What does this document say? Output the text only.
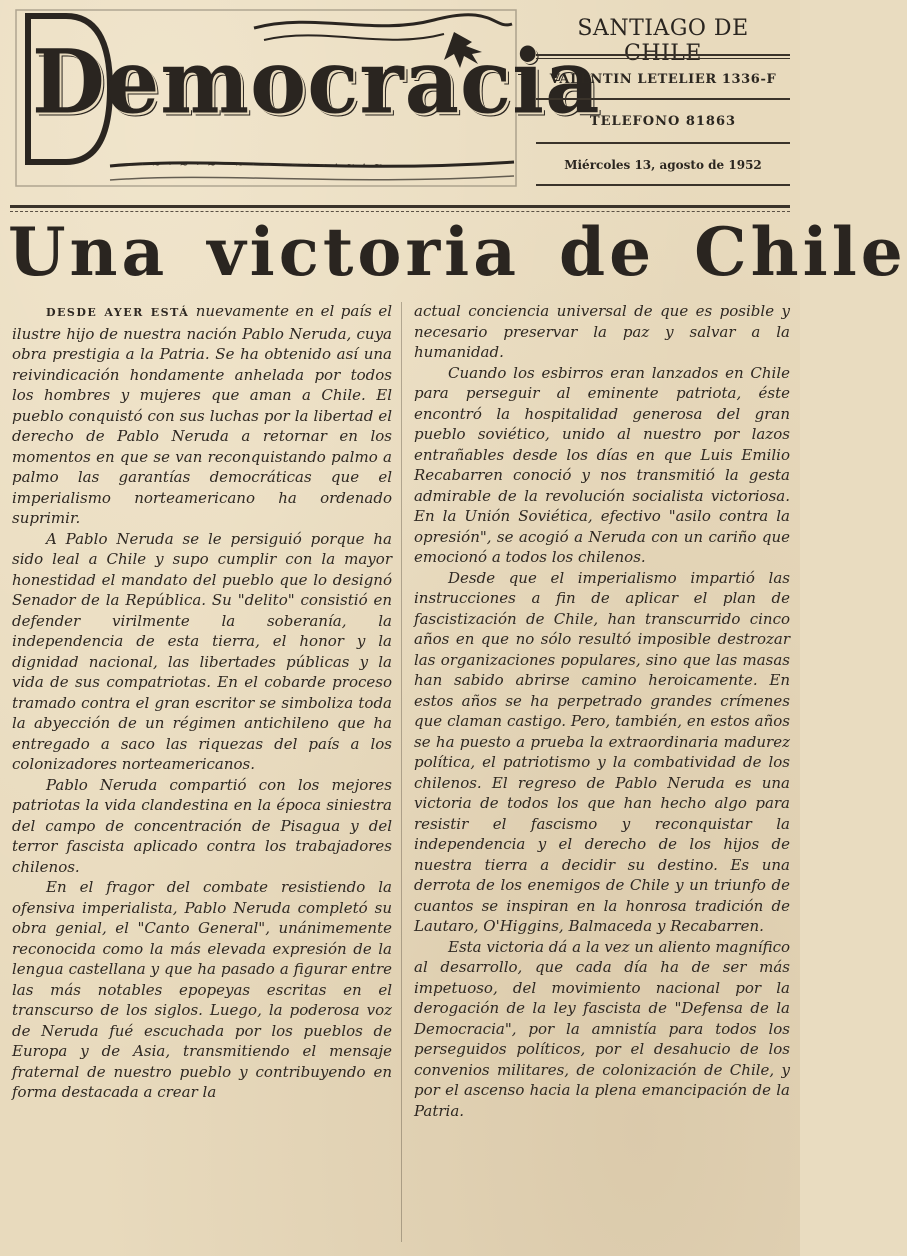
Democracia
~ · ~ · ~ · ~ · ~ · ~ · ~ · ~ · ~ · ~
SANTIAGO DE CHILE
VALENTIN LETELIER 1336-F
TELEFONO 81863
Miércoles 13, agosto de 1952
Una victoria de Chile

DESDE AYER ESTÁ nuevamente en el país el ilustre hijo de nuestra nación Pablo Neruda, cuya obra prestigia a la Patria. Se ha obtenido así una reivindicación hondamente anhelada por todos los hombres y mujeres que aman a Chile. El pueblo conquistó con sus luchas por la libertad el derecho de Pablo Neruda a retornar en los momentos en que se van reconquistando palmo a palmo las garantías democráticas que el imperialismo norteamericano ha ordenado suprimir.

A Pablo Neruda se le persiguió porque ha sido leal a Chile y supo cumplir con la mayor honestidad el mandato del pueblo que lo designó Senador de la República. Su "delito" consistió en defender virilmente la soberanía, la independencia de esta tierra, el honor y la dignidad nacional, las libertades públicas y la vida de sus compatriotas. En el cobarde proceso tramado contra el gran escritor se simboliza toda la abyección de un régimen antichileno que ha entregado a saco las riquezas del país a los colonizadores norteamericanos.

Pablo Neruda compartió con los mejores patriotas la vida clandestina en la época siniestra del campo de concentración de Pisagua y del terror fascista aplicado contra los trabajadores chilenos.

En el fragor del combate resistiendo la ofensiva imperialista, Pablo Neruda completó su obra genial, el "Canto General", unánimemente reconocida como la más elevada expresión de la lengua castellana y que ha pasado a figurar entre las más notables epopeyas escritas en el transcurso de los siglos. Luego, la poderosa voz de Neruda fué escuchada por los pueblos de Europa y de Asia, transmitiendo el mensaje fraternal de nuestro pueblo y contribuyendo en forma destacada a crear la

actual conciencia universal de que es posible y necesario preservar la paz y salvar a la humanidad.

Cuando los esbirros eran lanzados en Chile para perseguir al eminente patriota, éste encontró la hospitalidad generosa del gran pueblo soviético, unido al nuestro por lazos entrañables desde los días en que Luis Emilio Recabarren conoció y nos transmitió la gesta admirable de la revolución socialista victoriosa. En la Unión Soviética, efectivo "asilo contra la opresión", se acogió a Neruda con un cariño que emocionó a todos los chilenos.

Desde que el imperialismo impartió las instrucciones a fin de aplicar el plan de fascistización de Chile, han transcurrido cinco años en que no sólo resultó imposible destrozar las organizaciones populares, sino que las masas han sabido abrirse camino heroicamente. En estos años se ha perpetrado grandes crímenes que claman castigo. Pero, también, en estos años se ha puesto a prueba la extraordinaria madurez política, el patriotismo y la combatividad de los chilenos. El regreso de Pablo Neruda es una victoria de todos los que han hecho algo para resistir el fascismo y reconquistar la independencia y el derecho de los hijos de nuestra tierra a decidir su destino. Es una derrota de los enemigos de Chile y un triunfo de cuantos se inspiran en la honrosa tradición de Lautaro, O'Higgins, Balmaceda y Recabarren.

Esta victoria dá a la vez un aliento magnífico al desarrollo, que cada día ha de ser más impetuoso, del movimiento nacional por la derogación de la ley fascista de "Defensa de la Democracia", por la amnistía para todos los perseguidos políticos, por el desahucio de los convenios militares, de colonización de Chile, y por el ascenso hacia la plena emancipación de la Patria.
